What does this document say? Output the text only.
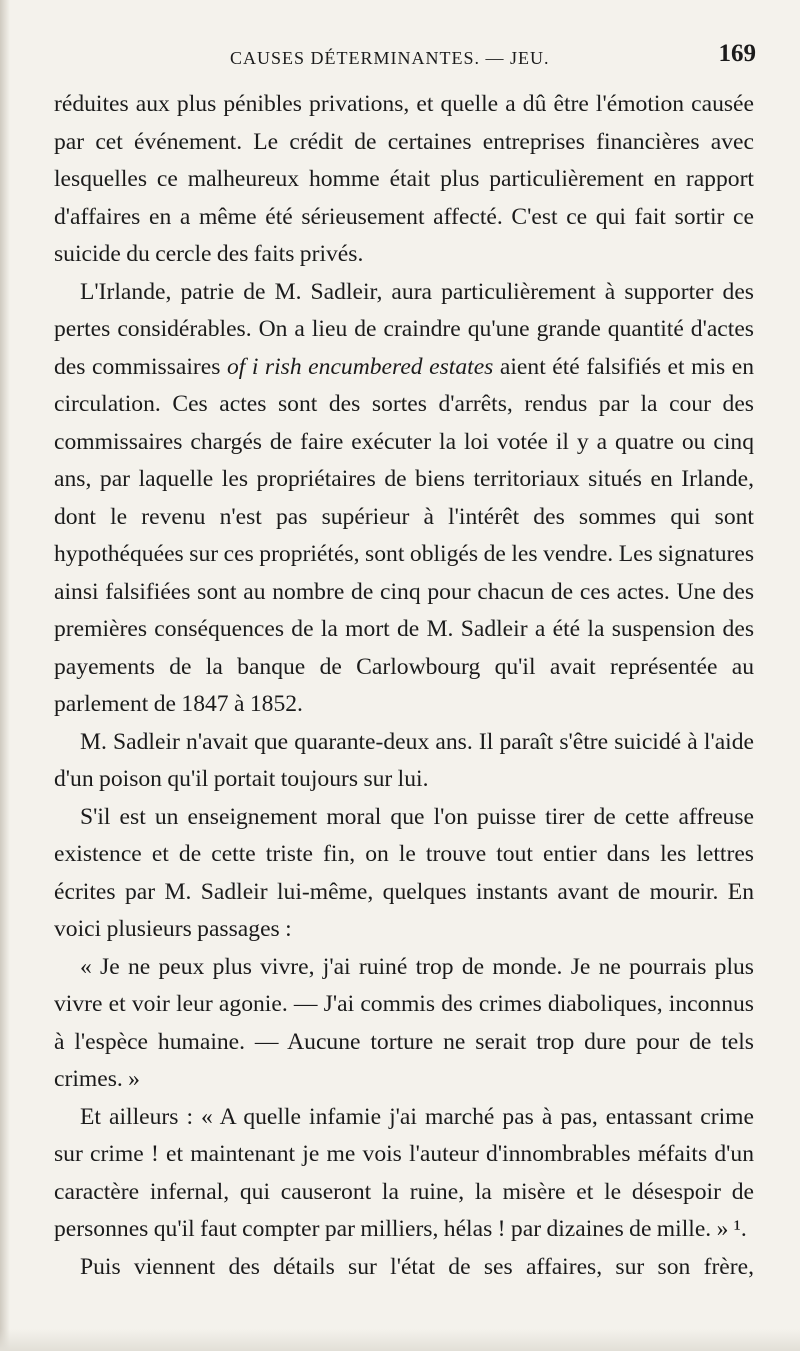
CAUSES DÉTERMINANTES. — JEU.	169

réduites aux plus pénibles privations, et quelle a dû être l'émotion causée par cet événement. Le crédit de certaines entreprises financières avec lesquelles ce malheureux homme était plus particulièrement en rapport d'affaires en a même été sérieusement affecté. C'est ce qui fait sortir ce suicide du cercle des faits privés.

L'Irlande, patrie de M. Sadleir, aura particulièrement à supporter des pertes considérables. On a lieu de craindre qu'une grande quantité d'actes des commissaires of i rish encumbered estates aient été falsifiés et mis en circulation. Ces actes sont des sortes d'arrêts, rendus par la cour des commissaires chargés de faire exécuter la loi votée il y a quatre ou cinq ans, par laquelle les propriétaires de biens territoriaux situés en Irlande, dont le revenu n'est pas supérieur à l'intérêt des sommes qui sont hypothéquées sur ces propriétés, sont obligés de les vendre. Les signatures ainsi falsifiées sont au nombre de cinq pour chacun de ces actes. Une des premières conséquences de la mort de M. Sadleir a été la suspension des payements de la banque de Carlowbourg qu'il avait représentée au parlement de 1847 à 1852.

M. Sadleir n'avait que quarante-deux ans. Il paraît s'être suicidé à l'aide d'un poison qu'il portait toujours sur lui.

S'il est un enseignement moral que l'on puisse tirer de cette affreuse existence et de cette triste fin, on le trouve tout entier dans les lettres écrites par M. Sadleir lui-même, quelques instants avant de mourir. En voici plusieurs passages :

« Je ne peux plus vivre, j'ai ruiné trop de monde. Je ne pourrais plus vivre et voir leur agonie. — J'ai commis des crimes diaboliques, inconnus à l'espèce humaine. — Aucune torture ne serait trop dure pour de tels crimes. »

Et ailleurs : « A quelle infamie j'ai marché pas à pas, entassant crime sur crime ! et maintenant je me vois l'auteur d'innombrables méfaits d'un caractère infernal, qui causeront la ruine, la misère et le désespoir de personnes qu'il faut compter par milliers, hélas ! par dizaines de mille. » ¹.

Puis viennent des détails sur l'état de ses affaires, sur son frère,
